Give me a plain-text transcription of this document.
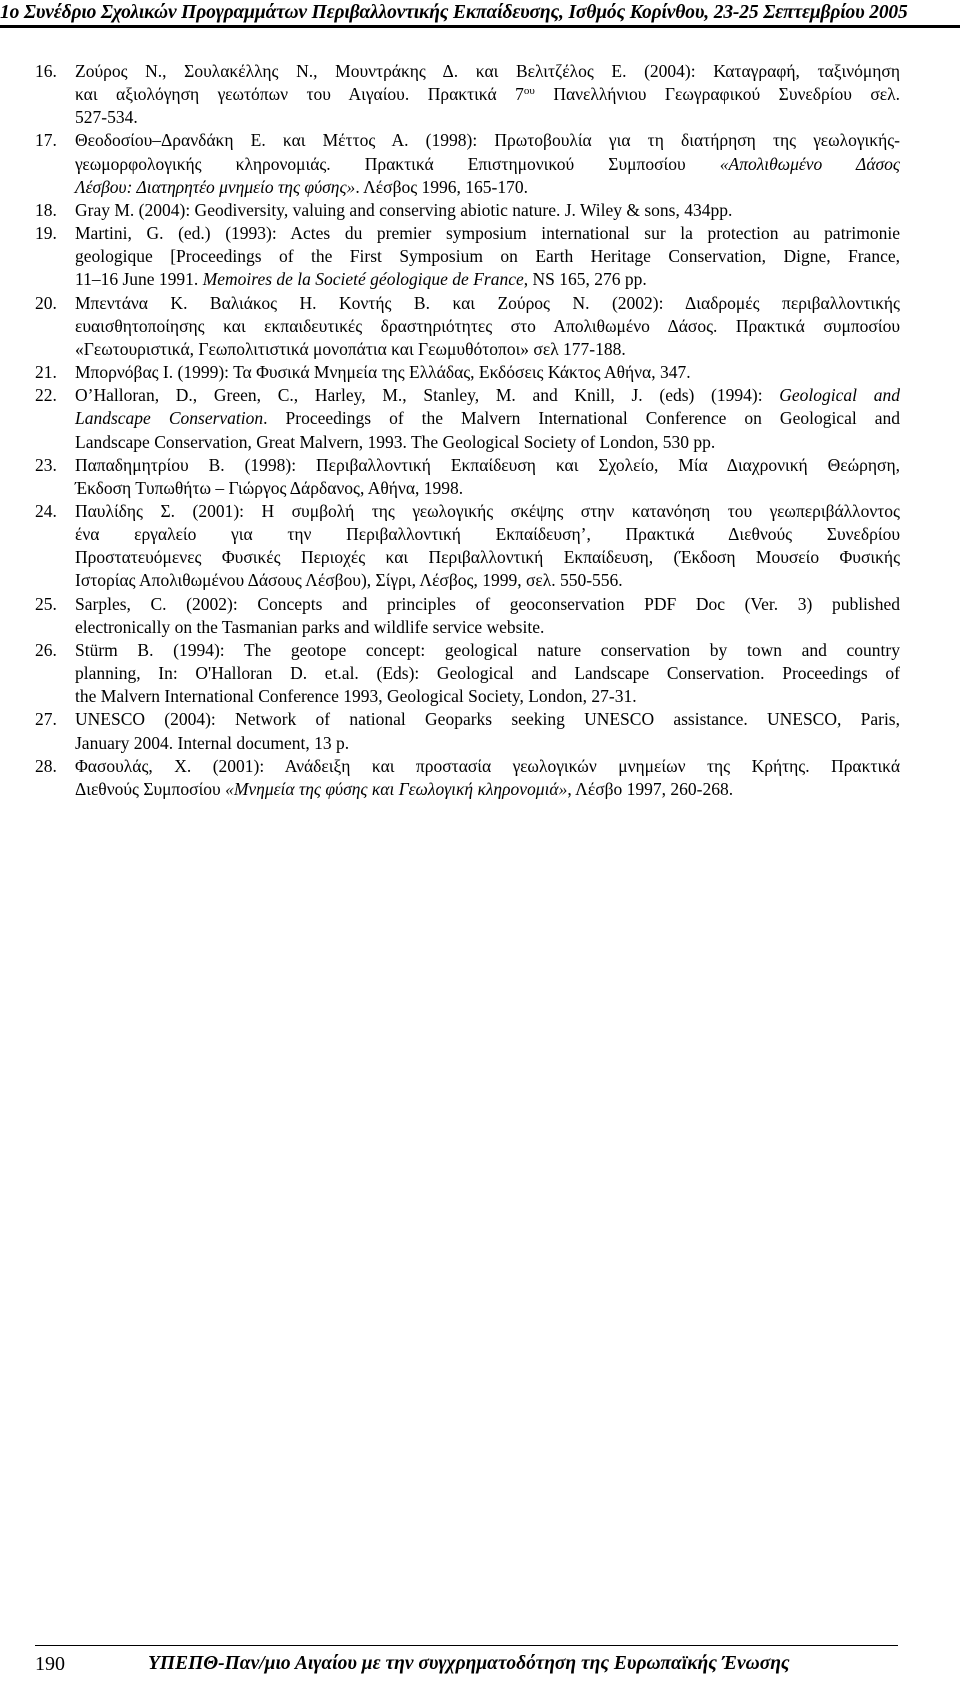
1ο Συνέδριο Σχολικών Προγραμμάτων Περιβαλλοντικής Εκπαίδευσης, Ισθμός Κορίνθου, 23-25 Σεπτεμβρίου 2005
16.	Ζούρος Ν., Σουλακέλλης Ν., Μουντράκης Δ. και Βελιτζέλος Ε. (2004): Καταγραφή, ταξινόμηση
και αξιολόγηση γεωτόπων του Αιγαίου. Πρακτικά $7^{o\upsilon}$ Πανελλήνιου Γεωγραφικού Συνεδρίου σελ.
527-534.
17.	Θεοδοσίου–Δρανδάκη Ε. και Μέττος Α. (1998): Πρωτοβουλία για τη διατήρηση της γεωλογικής-
γεωμορφολογικής κληρονομιάς. Πρακτικά Επιστημονικού Συμποσίου «Απολιθωμένο Δάσος
Λέσβου: Διατηρητέο μνημείο της φύσης». Λέσβος 1996, 165-170.
18.	Gray M. (2004): Geodiversity, valuing and conserving abiotic nature. J. Wiley & sons, 434pp.
19.	Martini, G. (ed.) (1993): Actes du premier symposium international sur la protection au patrimonie
geologique [Proceedings of the First Symposium on Earth Heritage Conservation, Digne, France,
11–16 June 1991. Memoires de la Societé géologique de France, NS 165, 276 pp.
20.	Μπεντάνα Κ. Βαλιάκος Η. Κοντής Β. και Ζούρος Ν. (2002): Διαδρομές περιβαλλοντικής
ευαισθητοποίησης και εκπαιδευτικές δραστηριότητες στο Απολιθωμένο Δάσος. Πρακτικά συμποσίου
«Γεωτουριστικά, Γεωπολιτιστικά μονοπάτια και Γεωμυθότοποι» σελ 177-188.
21.	Μπορνόβας Ι. (1999): Τα Φυσικά Μνημεία της Ελλάδας, Εκδόσεις Κάκτος Αθήνα, 347.
22.	O’Halloran, D., Green, C., Harley, M., Stanley, M. and Knill, J. (eds) (1994): Geological and
Landscape Conservation. Proceedings of the Malvern International Conference on Geological and
Landscape Conservation, Great Malvern, 1993. The Geological Society of London, 530 pp.
23.	Παπαδημητρίου Β. (1998): Περιβαλλοντική Εκπαίδευση και Σχολείο, Μία Διαχρονική Θεώρηση,
Έκδοση Τυπωθήτω – Γιώργος Δάρδανος, Αθήνα, 1998.
24.	Παυλίδης Σ. (2001): Η συμβολή της γεωλογικής σκέψης στην κατανόηση του γεωπεριβάλλοντος
ένα εργαλείο για την Περιβαλλοντική Εκπαίδευση’, Πρακτικά Διεθνούς Συνεδρίου
Προστατευόμενες Φυσικές Περιοχές και Περιβαλλοντική Εκπαίδευση, (Έκδοση Μουσείο Φυσικής
Ιστορίας Απολιθωμένου Δάσους Λέσβου), Σίγρι, Λέσβος, 1999, σελ. 550-556.
25.	Sarples, C. (2002): Concepts and principles of geoconservation PDF Doc (Ver. 3) published
electronically on the Tasmanian parks and wildlife service website.
26.	Stürm B. (1994): The geotope concept: geological nature conservation by town and country
planning, In: O'Halloran D. et.al. (Eds): Geological and Landscape Conservation. Proceedings of
the Malvern International Conference 1993, Geological Society, London, 27-31.
27.	UNESCO (2004): Network of national Geoparks seeking UNESCO assistance. UNESCO, Paris,
January 2004. Internal document, 13 p.
28.	Φασουλάς, Χ. (2001): Ανάδειξη και προστασία γεωλογικών μνημείων της Κρήτης. Πρακτικά
Διεθνούς Συμποσίου «Μνημεία της φύσης και Γεωλογική κληρονομιά», Λέσβο 1997, 260-268.
190	ΥΠΕΠΘ-Παν/μιο Αιγαίου με την συγχρηματοδότηση της Ευρωπαϊκής Ένωσης
